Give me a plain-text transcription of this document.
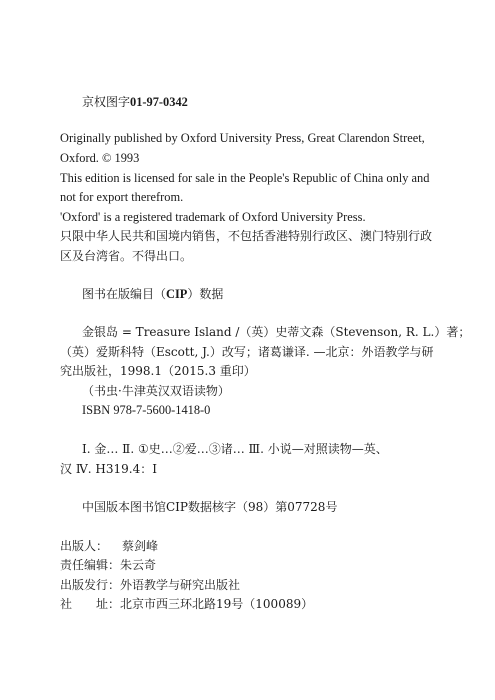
京权图字01-97-0342
Originally published by Oxford University Press, Great Clarendon Street,
Oxford. © 1993
This edition is licensed for sale in the People's Republic of China only and
not for export therefrom.
'Oxford' is a registered trademark of Oxford University Press.
只限中华人民共和国境内销售，不包括香港特别行政区、澳门特别行政
区及台湾省。不得出口。
图书在版编目（CIP）数据
金银岛 = Treasure Island /（英）史蒂文森（Stevenson, R. L.）著；
（英）爱斯科特（Escott, J.）改写；诸葛谦译. —北京：外语教学与研
究出版社，1998.1（2015.3 重印）
（书虫·牛津英汉双语读物）
ISBN 978-7-5600-1418-0
Ⅰ. 金… Ⅱ. ①史…②爱…③诸… Ⅲ. 小说—对照读物—英、
汉 Ⅳ. H319.4：I
中国版本图书馆CIP数据核字（98）第07728号
出版人： 蔡剑峰
责任编辑：朱云奇
出版发行：外语教学与研究出版社
社　　址：北京市西三环北路19号（100089）
